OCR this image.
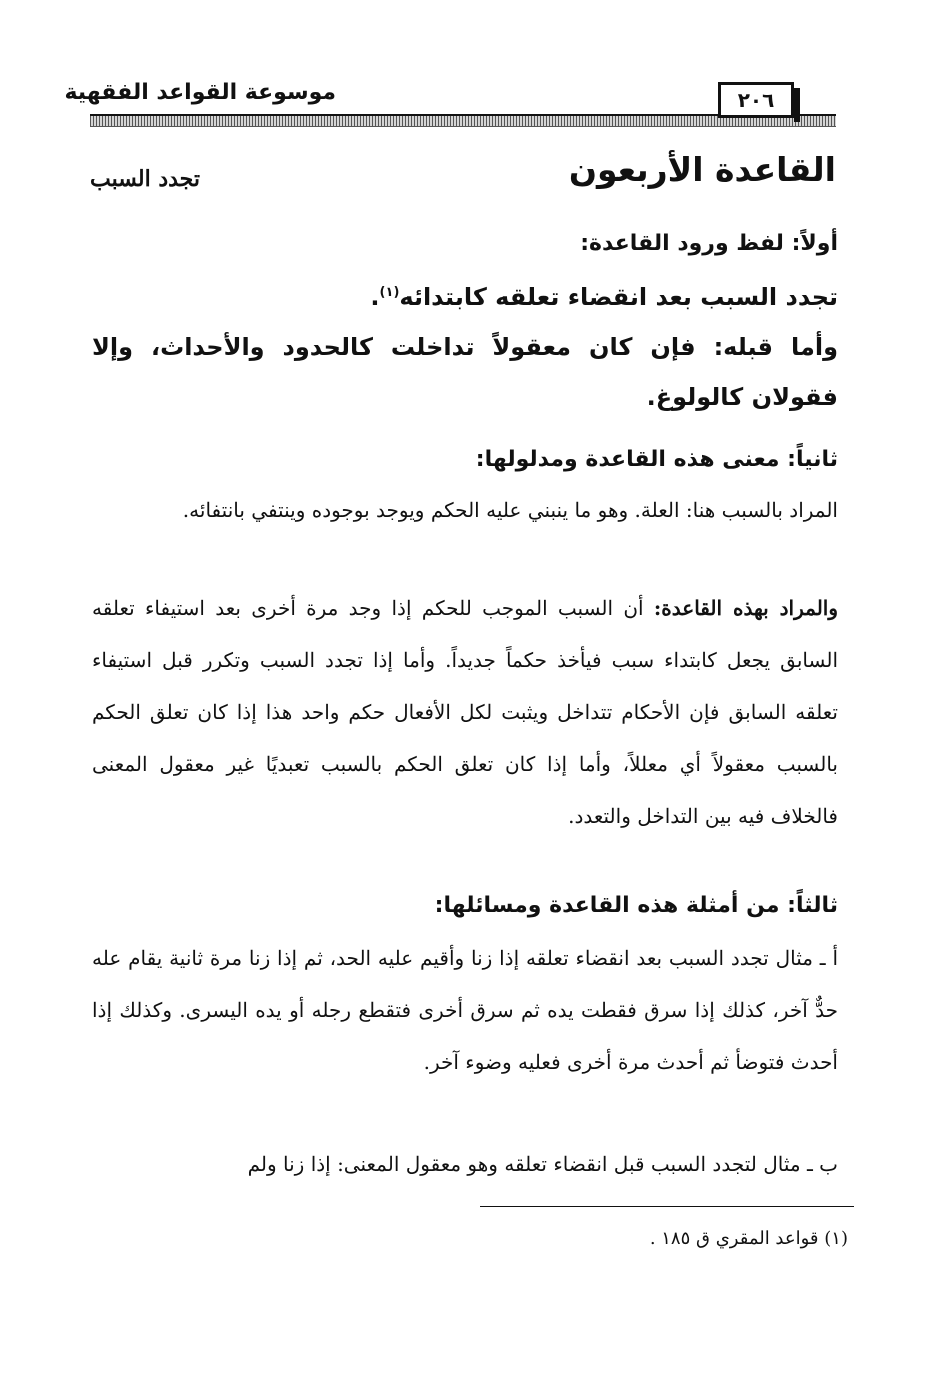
٢٠٦
موسوعة القواعد الفقهية
القاعدة الأربعون
تجدد السبب
أولاً: لفظ ورود القاعدة:
تجدد السبب بعد انقضاء تعلقه كابتدائه$^{(١)}$.
وأما قبله: فإن كان معقولاً تداخلت كالحدود والأحداث، وإلا فقولان كالولوغ.
ثانياً: معنى هذه القاعدة ومدلولها:
المراد بالسبب هنا: العلة. وهو ما ينبني عليه الحكم ويوجد بوجوده وينتفي بانتفائه.
والمراد بهذه القاعدة: أن السبب الموجب للحكم إذا وجد مرة أخرى بعد استيفاء تعلقه السابق يجعل كابتداء سبب فيأخذ حكماً جديداً. وأما إذا تجدد السبب وتكرر قبل استيفاء تعلقه السابق فإن الأحكام تتداخل ويثبت لكل الأفعال حكم واحد هذا إذا كان تعلق الحكم بالسبب معقولاً أي معللاً، وأما إذا كان تعلق الحكم بالسبب تعبديًا غير معقول المعنى فالخلاف فيه بين التداخل والتعدد.
ثالثاً: من أمثلة هذه القاعدة ومسائلها:
أ ـ مثال تجدد السبب بعد انقضاء تعلقه إذا زنا وأقيم عليه الحد، ثم إذا زنا مرة ثانية يقام عله حدٌّ آخر، كذلك إذا سرق فقطت يده ثم سرق أخرى فتقطع رجله أو يده اليسرى. وكذلك إذا أحدث فتوضأ ثم أحدث مرة أخرى فعليه وضوء آخر.
ب ـ مثال لتجدد السبب قبل انقضاء تعلقه وهو معقول المعنى: إذا زنا ولم
(١) قواعد المقري ق ١٨٥ .
